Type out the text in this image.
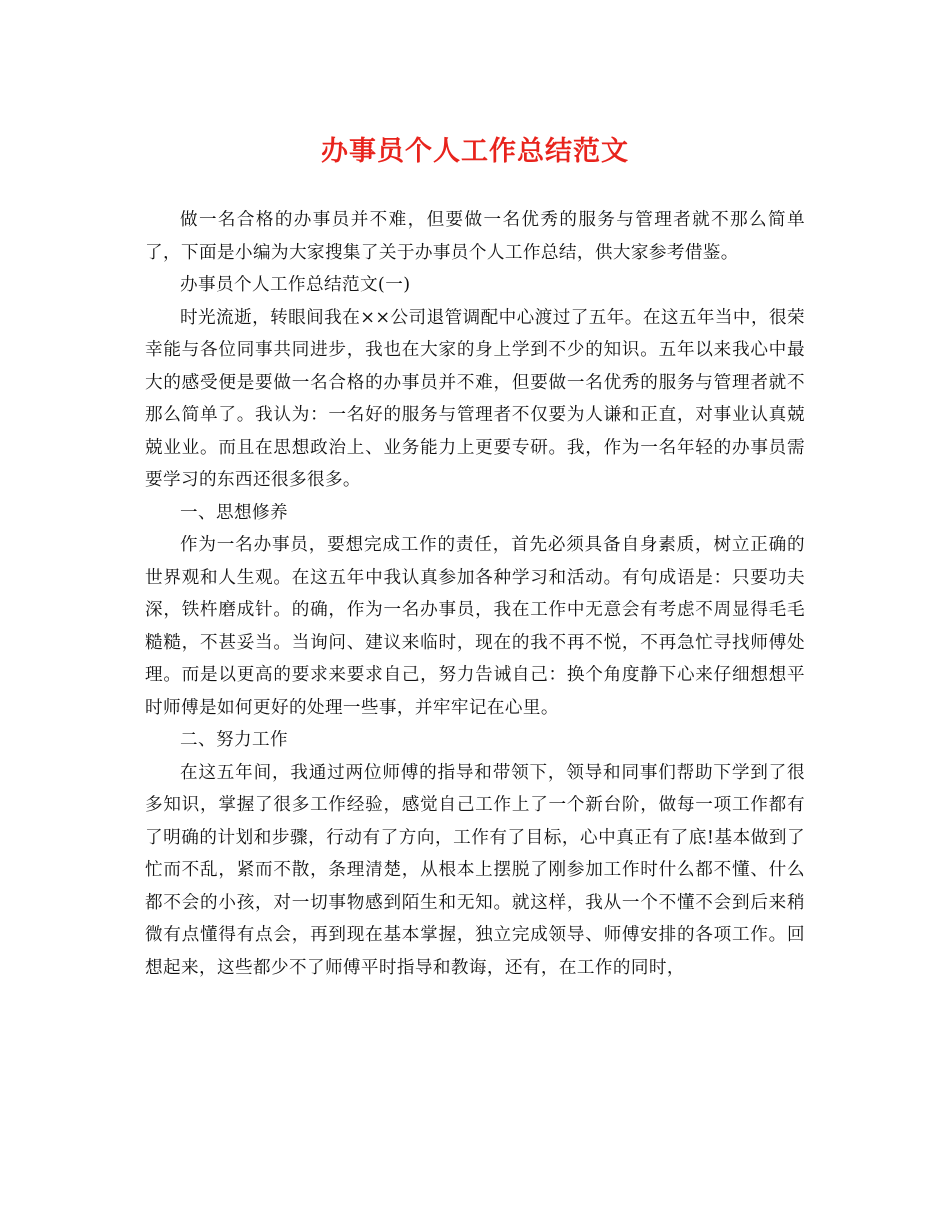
办事员个人工作总结范文

做一名合格的办事员并不难，但要做一名优秀的服务与管理者就不那么简单了，下面是小编为大家搜集了关于办事员个人工作总结，供大家参考借鉴。

办事员个人工作总结范文(一)

时光流逝，转眼间我在××公司退管调配中心渡过了五年。在这五年当中，很荣幸能与各位同事共同进步，我也在大家的身上学到不少的知识。五年以来我心中最大的感受便是要做一名合格的办事员并不难，但要做一名优秀的服务与管理者就不那么简单了。我认为：一名好的服务与管理者不仅要为人谦和正直，对事业认真兢兢业业。而且在思想政治上、业务能力上更要专研。我，作为一名年轻的办事员需要学习的东西还很多很多。

一、思想修养

作为一名办事员，要想完成工作的责任，首先必须具备自身素质，树立正确的世界观和人生观。在这五年中我认真参加各种学习和活动。有句成语是：只要功夫深，铁杵磨成针。的确，作为一名办事员，我在工作中无意会有考虑不周显得毛毛糙糙，不甚妥当。当询问、建议来临时，现在的我不再不悦，不再急忙寻找师傅处理。而是以更高的要求来要求自己，努力告诫自己：换个角度静下心来仔细想想平时师傅是如何更好的处理一些事，并牢牢记在心里。

二、努力工作

在这五年间，我通过两位师傅的指导和带领下，领导和同事们帮助下学到了很多知识，掌握了很多工作经验，感觉自己工作上了一个新台阶，做每一项工作都有了明确的计划和步骤，行动有了方向，工作有了目标，心中真正有了底!基本做到了忙而不乱，紧而不散，条理清楚，从根本上摆脱了刚参加工作时什么都不懂、什么都不会的小孩，对一切事物感到陌生和无知。就这样，我从一个不懂不会到后来稍微有点懂得有点会，再到现在基本掌握，独立完成领导、师傅安排的各项工作。回想起来，这些都少不了师傅平时指导和教诲，还有，在工作的同时，
